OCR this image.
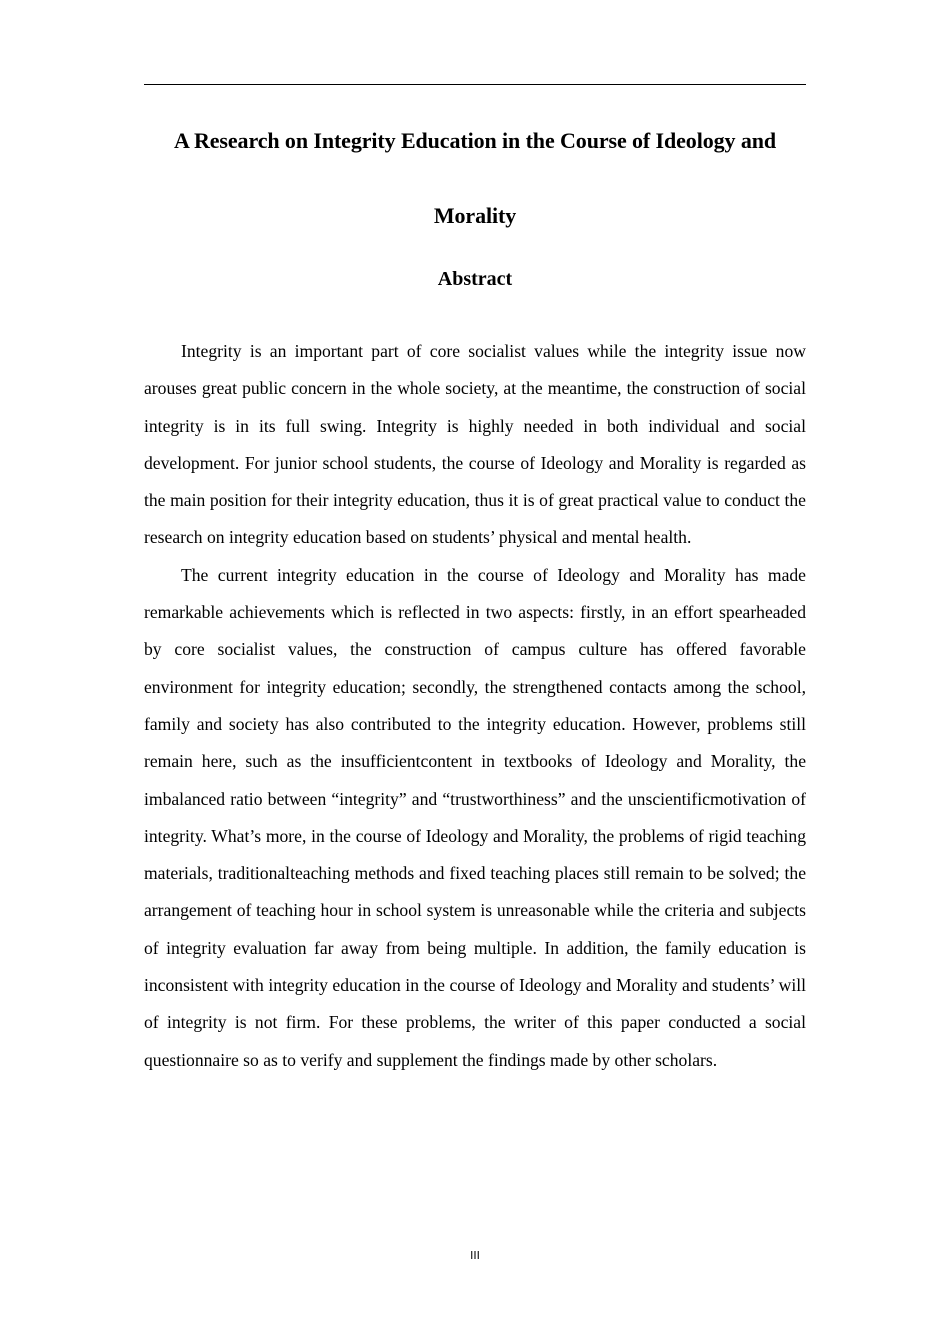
A Research on Integrity Education in the Course of Ideology and Morality
Abstract

Integrity is an important part of core socialist values while the integrity issue now arouses great public concern in the whole society, at the meantime, the construction of social integrity is in its full swing. Integrity is highly needed in both individual and social development. For junior school students, the course of Ideology and Morality is regarded as the main position for their integrity education, thus it is of great practical value to conduct the research on integrity education based on students’ physical and mental health.

The current integrity education in the course of Ideology and Morality has made remarkable achievements which is reflected in two aspects: firstly, in an effort spearheaded by core socialist values, the construction of campus culture has offered favorable environment for integrity education; secondly, the strengthened contacts among the school, family and society has also contributed to the integrity education. However, problems still remain here, such as the insufficientcontent in textbooks of Ideology and Morality, the imbalanced ratio between “integrity” and “trustworthiness” and the unscientificmotivation of integrity. What’s more, in the course of Ideology and Morality, the problems of rigid teaching materials, traditionalteaching methods and fixed teaching places still remain to be solved; the arrangement of teaching hour in school system is unreasonable while the criteria and subjects of integrity evaluation far away from being multiple. In addition, the family education is inconsistent with integrity education in the course of Ideology and Morality and students’ will of integrity is not firm. For these problems, the writer of this paper conducted a social questionnaire so as to verify and supplement the findings made by other scholars.

III
